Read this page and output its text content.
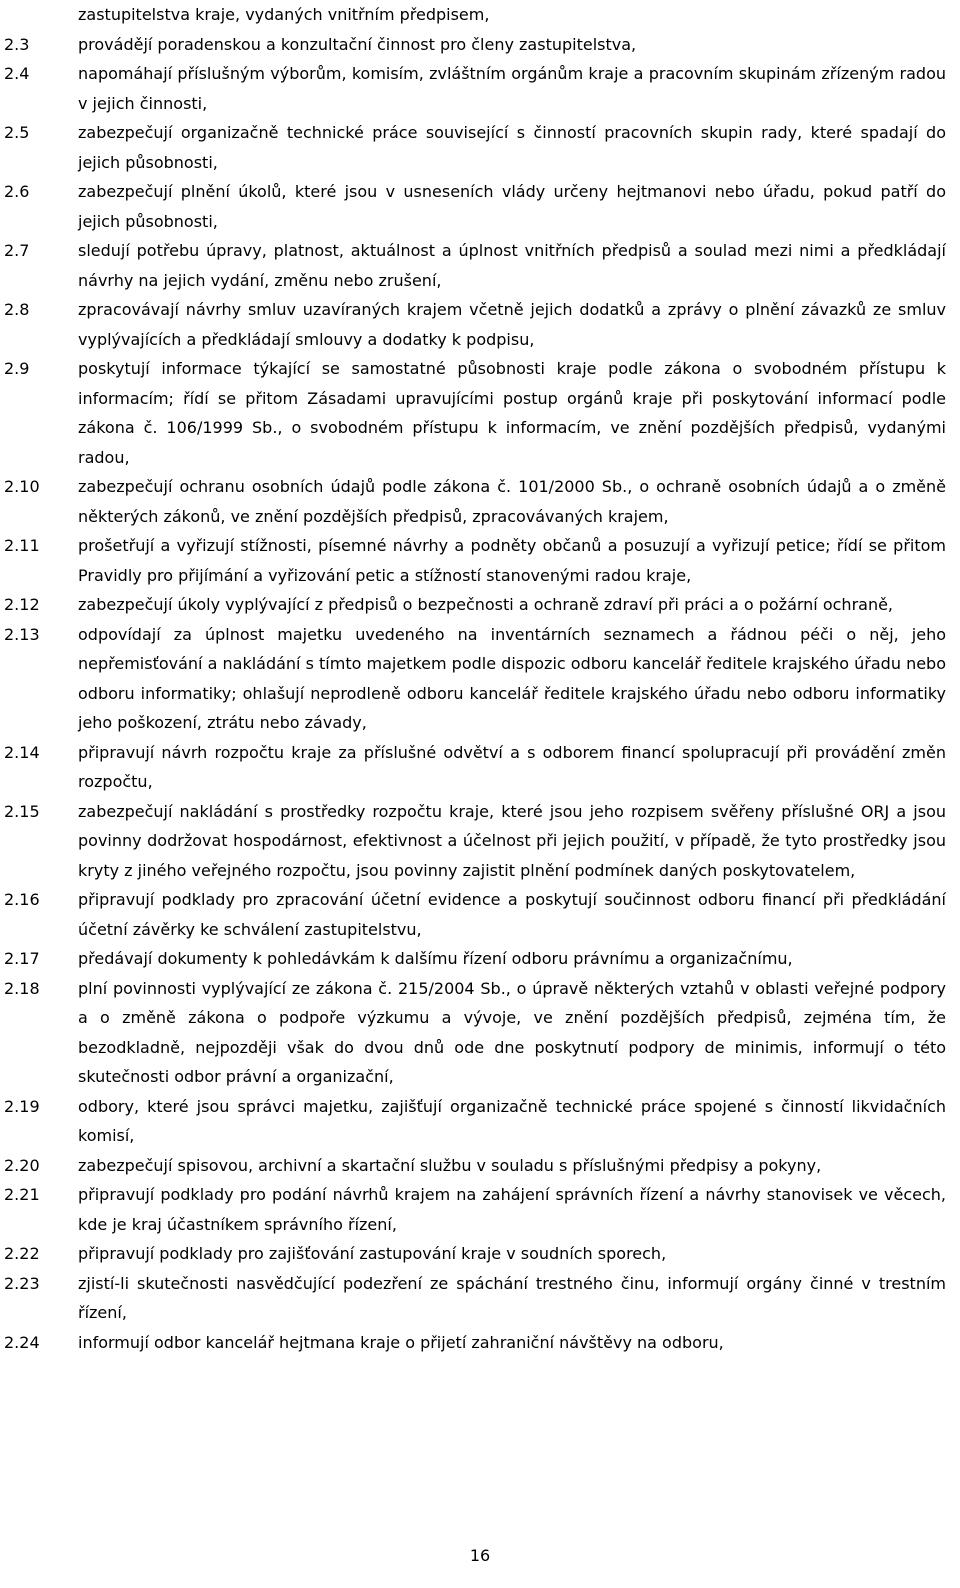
zastupitelstva kraje, vydaných vnitřním předpisem,
2.3	provádějí poradenskou a konzultační činnost pro členy zastupitelstva,
2.4	napomáhají příslušným výborům, komisím, zvláštním orgánům kraje a pracovním skupinám zřízeným radou v jejich činnosti,
2.5	zabezpečují organizačně technické práce související s činností pracovních skupin rady, které spadají do jejich působnosti,
2.6	zabezpečují plnění úkolů, které jsou v usneseních vlády určeny hejtmanovi nebo úřadu, pokud patří do jejich působnosti,
2.7	sledují potřebu úpravy, platnost, aktuálnost a úplnost vnitřních předpisů a soulad mezi nimi a předkládají návrhy na jejich vydání, změnu nebo zrušení,
2.8	zpracovávají návrhy smluv uzavíraných krajem včetně jejich dodatků a zprávy o plnění závazků ze smluv vyplývajících a předkládají smlouvy a dodatky k podpisu,
2.9	poskytují informace týkající se samostatné působnosti kraje podle zákona o svobodném přístupu k informacím; řídí se přitom Zásadami upravujícími postup orgánů kraje při poskytování informací podle zákona č. 106/1999 Sb., o svobodném přístupu k informacím, ve znění pozdějších předpisů, vydanými radou,
2.10	zabezpečují ochranu osobních údajů podle zákona č. 101/2000 Sb., o ochraně osobních údajů a o změně některých zákonů, ve znění pozdějších předpisů, zpracovávaných krajem,
2.11	prošetřují a vyřizují stížnosti, písemné návrhy a podněty občanů a posuzují a vyřizují petice; řídí se přitom Pravidly pro přijímání a vyřizování petic a stížností stanovenými radou kraje,
2.12	zabezpečují úkoly vyplývající z předpisů o bezpečnosti a ochraně zdraví při práci a o požární ochraně,
2.13	odpovídají za úplnost majetku uvedeného na inventárních seznamech a řádnou péči o něj, jeho nepřemisťování a nakládání s tímto majetkem podle dispozic odboru kancelář ředitele krajského úřadu nebo odboru informatiky; ohlašují neprodleně odboru kancelář ředitele krajského úřadu nebo odboru informatiky jeho poškození, ztrátu nebo závady,
2.14	připravují návrh rozpočtu kraje za příslušné odvětví a s odborem financí spolupracují při provádění změn rozpočtu,
2.15	zabezpečují nakládání s prostředky rozpočtu kraje, které jsou jeho rozpisem svěřeny příslušné ORJ a jsou povinny dodržovat hospodárnost, efektivnost a účelnost při jejich použití, v případě, že tyto prostředky jsou kryty z jiného veřejného rozpočtu, jsou povinny zajistit plnění podmínek daných poskytovatelem,
2.16	připravují podklady pro zpracování účetní evidence a poskytují součinnost odboru financí při předkládání účetní závěrky ke schválení zastupitelstvu,
2.17	předávají dokumenty k pohledávkám k dalšímu řízení odboru právnímu a organizačnímu,
2.18	plní povinnosti vyplývající ze zákona č. 215/2004 Sb., o úpravě některých vztahů v oblasti veřejné podpory a o změně zákona o podpoře výzkumu a vývoje, ve znění pozdějších předpisů, zejména tím, že bezodkladně, nejpozději však do dvou dnů ode dne poskytnutí podpory de minimis, informují o této skutečnosti odbor právní a organizační,
2.19	odbory, které jsou správci majetku, zajišťují organizačně technické práce spojené s činností likvidačních komisí,
2.20	zabezpečují spisovou, archivní a skartační službu v souladu s příslušnými předpisy a pokyny,
2.21	připravují podklady pro podání návrhů krajem na zahájení správních řízení a návrhy stanovisek ve věcech, kde je kraj účastníkem správního řízení,
2.22	připravují podklady pro zajišťování zastupování kraje v soudních sporech,
2.23	zjistí-li skutečnosti nasvědčující podezření ze spáchání trestného činu, informují orgány činné v trestním řízení,
2.24	informují odbor kancelář hejtmana kraje o přijetí zahraniční návštěvy na odboru,
16
